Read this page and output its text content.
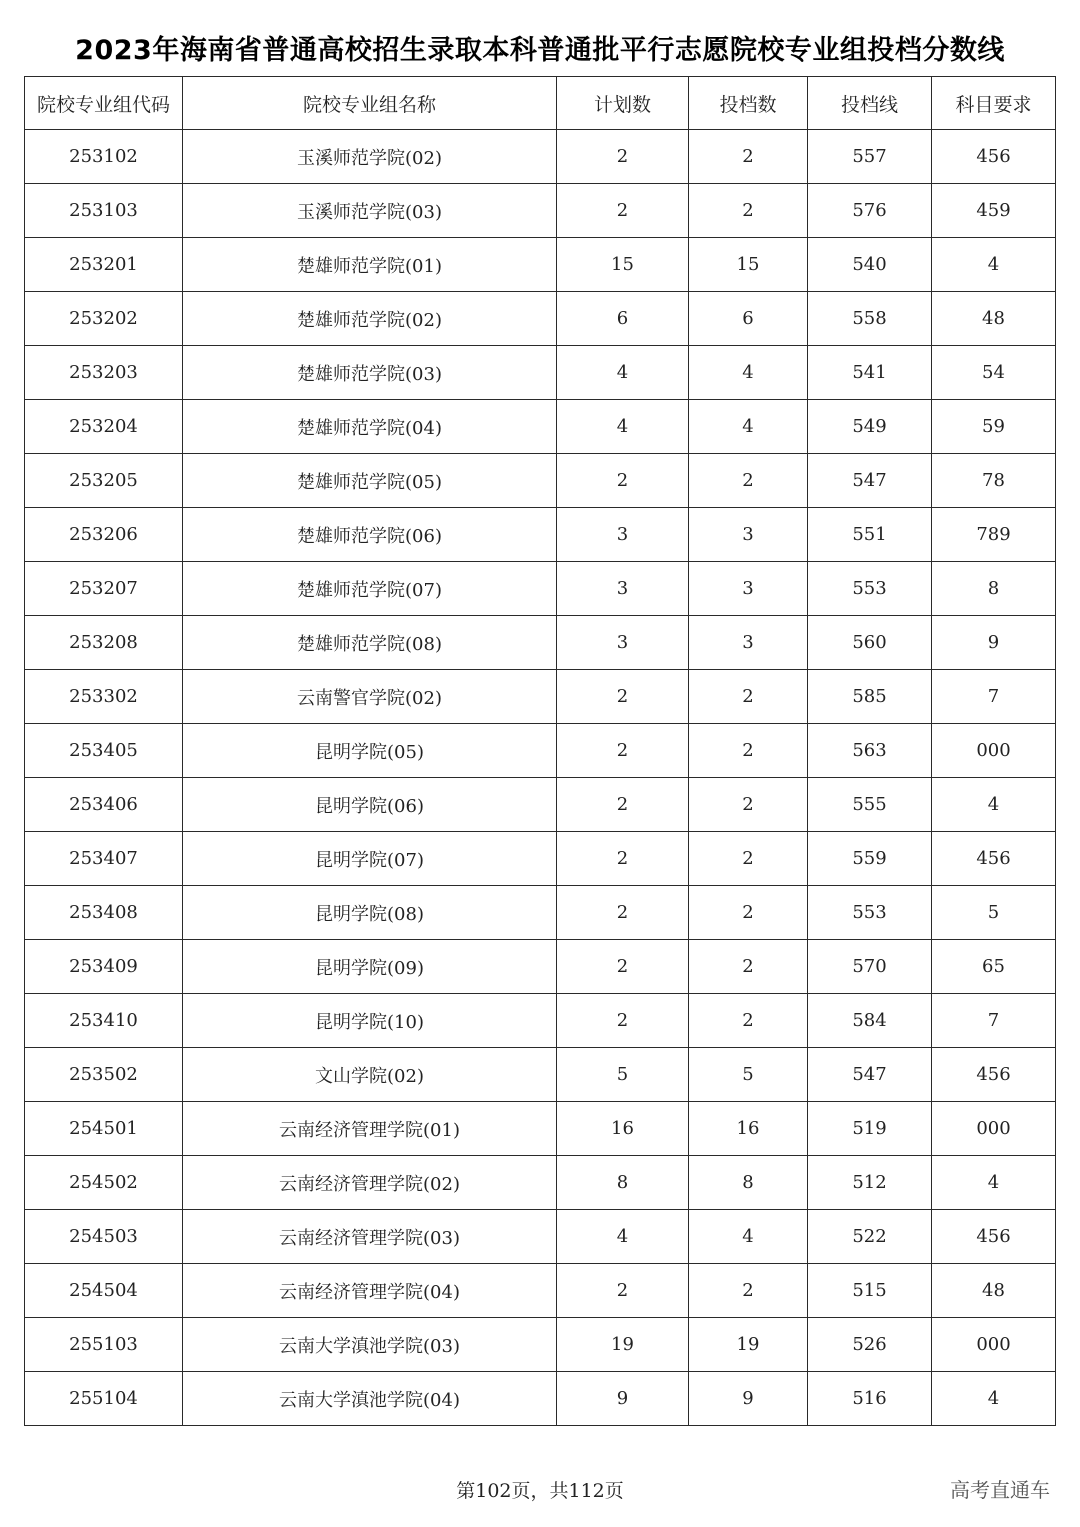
2023年海南省普通高校招生录取本科普通批平行志愿院校专业组投档分数线
院校专业组代码	院校专业组名称	计划数	投档数	投档线	科目要求
253102	玉溪师范学院(02)	2	2	557	456
253103	玉溪师范学院(03)	2	2	576	459
253201	楚雄师范学院(01)	15	15	540	4
253202	楚雄师范学院(02)	6	6	558	48
253203	楚雄师范学院(03)	4	4	541	54
253204	楚雄师范学院(04)	4	4	549	59
253205	楚雄师范学院(05)	2	2	547	78
253206	楚雄师范学院(06)	3	3	551	789
253207	楚雄师范学院(07)	3	3	553	8
253208	楚雄师范学院(08)	3	3	560	9
253302	云南警官学院(02)	2	2	585	7
253405	昆明学院(05)	2	2	563	000
253406	昆明学院(06)	2	2	555	4
253407	昆明学院(07)	2	2	559	456
253408	昆明学院(08)	2	2	553	5
253409	昆明学院(09)	2	2	570	65
253410	昆明学院(10)	2	2	584	7
253502	文山学院(02)	5	5	547	456
254501	云南经济管理学院(01)	16	16	519	000
254502	云南经济管理学院(02)	8	8	512	4
254503	云南经济管理学院(03)	4	4	522	456
254504	云南经济管理学院(04)	2	2	515	48
255103	云南大学滇池学院(03)	19	19	526	000
255104	云南大学滇池学院(04)	9	9	516	4
第102页，共112页	高考直通车
